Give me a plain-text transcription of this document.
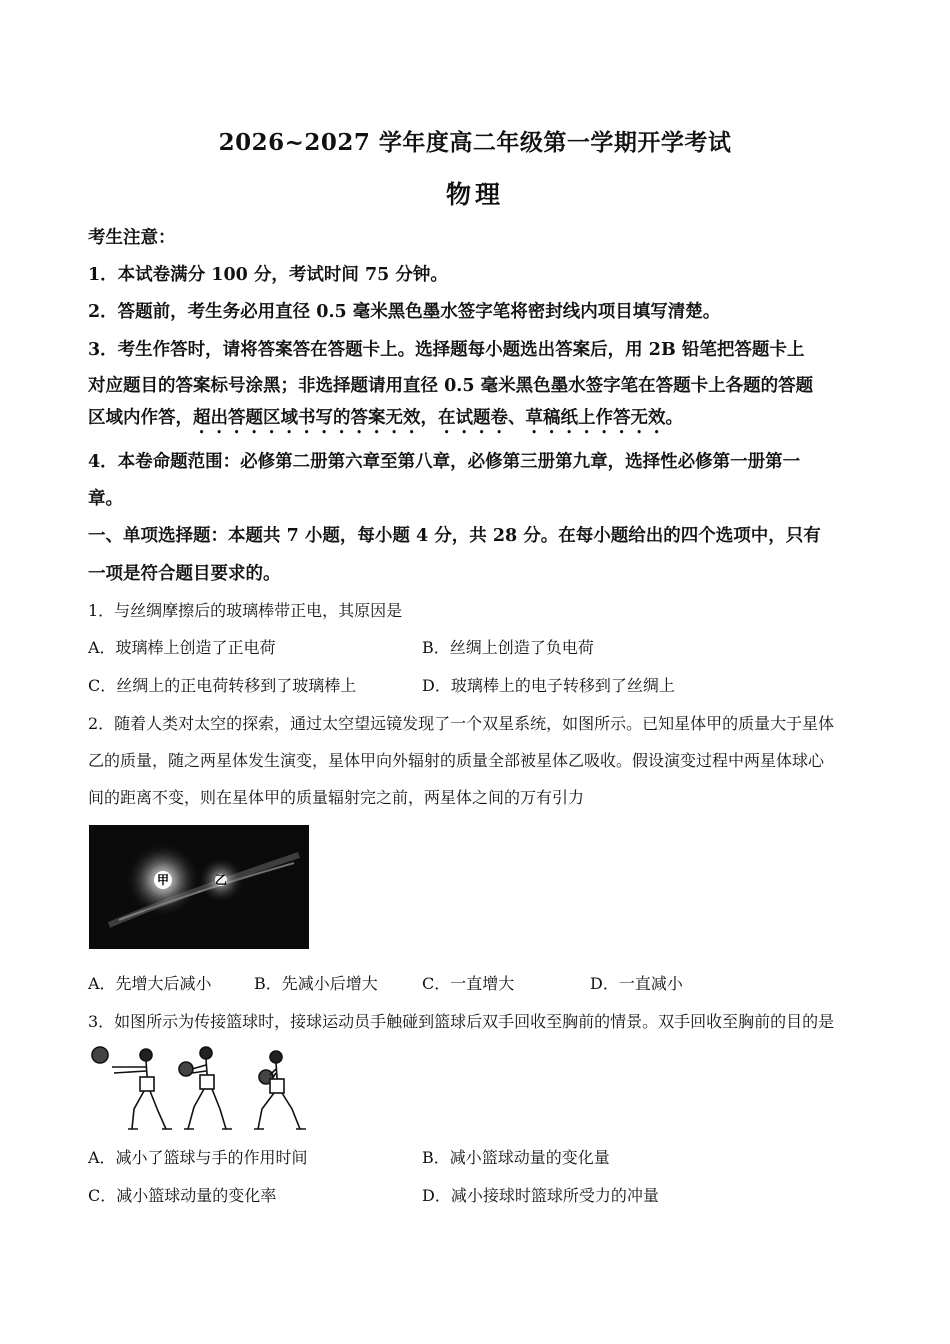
2026~2027 学年度高二年级第一学期开学考试
物理
考生注意：
1．本试卷满分 100 分，考试时间 75 分钟。
2．答题前，考生务必用直径 0.5 毫米黑色墨水签字笔将密封线内项目填写清楚。
3．考生作答时，请将答案答在答题卡上。选择题每小题选出答案后，用 2B 铅笔把答题卡上
对应题目的答案标号涂黑；非选择题请用直径 0.5 毫米黑色墨水签字笔在答题卡上各题的答题
区域内作答，超出答题区域书写的答案无效，在试题卷、草稿纸上作答无效。
4．本卷命题范围：必修第二册第六章至第八章，必修第三册第九章，选择性必修第一册第一
章。
一、单项选择题：本题共 7 小题，每小题 4 分，共 28 分。在每小题给出的四个选项中，只有
一项是符合题目要求的。
1．与丝绸摩擦后的玻璃棒带正电，其原因是
A．玻璃棒上创造了正电荷	B．丝绸上创造了负电荷
C．丝绸上的正电荷转移到了玻璃棒上	D．玻璃棒上的电子转移到了丝绸上
2．随着人类对太空的探索，通过太空望远镜发现了一个双星系统，如图所示。已知星体甲的质量大于星体
乙的质量，随之两星体发生演变，星体甲向外辐射的质量全部被星体乙吸收。假设演变过程中两星体球心
间的距离不变，则在星体甲的质量辐射完之前，两星体之间的万有引力
甲	乙
A．先增大后减小	B．先减小后增大	C．一直增大	D．一直减小
3．如图所示为传接篮球时，接球运动员手触碰到篮球后双手回收至胸前的情景。双手回收至胸前的目的是
A．减小了篮球与手的作用时间	B．减小篮球动量的变化量
C．减小篮球动量的变化率	D．减小接球时篮球所受力的冲量
